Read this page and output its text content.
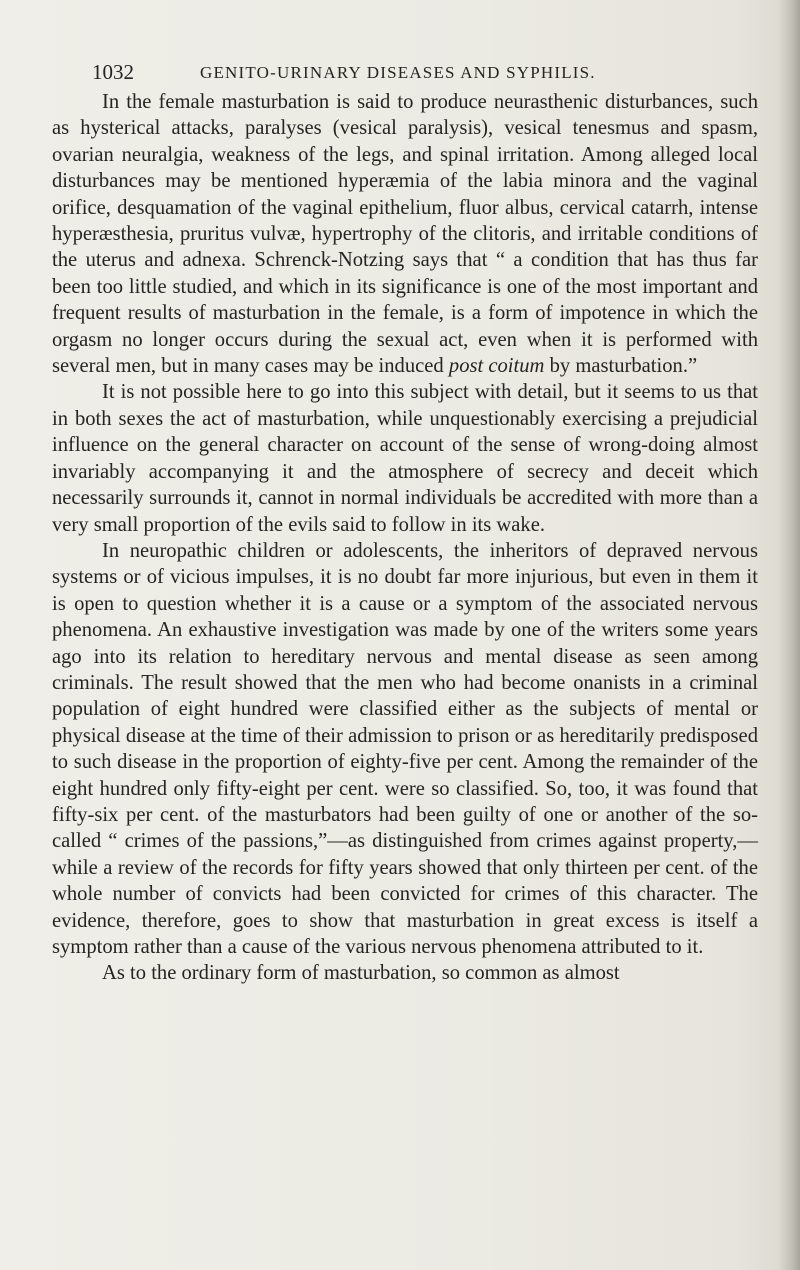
1032	GENITO-URINARY DISEASES AND SYPHILIS.

In the female masturbation is said to produce neurasthenic disturbances, such as hysterical attacks, paralyses (vesical paralysis), vesical tenesmus and spasm, ovarian neuralgia, weakness of the legs, and spinal irritation. Among alleged local disturbances may be mentioned hyperæmia of the labia minora and the vaginal orifice, desquamation of the vaginal epithelium, fluor albus, cervical catarrh, intense hyperæsthesia, pruritus vulvæ, hypertrophy of the clitoris, and irritable conditions of the uterus and adnexa. Schrenck-Notzing says that “ a condition that has thus far been too little studied, and which in its significance is one of the most important and frequent results of masturbation in the female, is a form of impotence in which the orgasm no longer occurs during the sexual act, even when it is performed with several men, but in many cases may be induced post coitum by masturbation.”

It is not possible here to go into this subject with detail, but it seems to us that in both sexes the act of masturbation, while unquestionably exercising a prejudicial influence on the general character on account of the sense of wrong-doing almost invariably accompanying it and the atmosphere of secrecy and deceit which necessarily surrounds it, cannot in normal individuals be accredited with more than a very small proportion of the evils said to follow in its wake.

In neuropathic children or adolescents, the inheritors of depraved nervous systems or of vicious impulses, it is no doubt far more injurious, but even in them it is open to question whether it is a cause or a symptom of the associated nervous phenomena. An exhaustive investigation was made by one of the writers some years ago into its relation to hereditary nervous and mental disease as seen among criminals. The result showed that the men who had become onanists in a criminal population of eight hundred were classified either as the subjects of mental or physical disease at the time of their admission to prison or as hereditarily predisposed to such disease in the proportion of eighty-five per cent. Among the remainder of the eight hundred only fifty-eight per cent. were so classified. So, too, it was found that fifty-six per cent. of the masturbators had been guilty of one or another of the so-called “ crimes of the passions,”—as distinguished from crimes against property,—while a review of the records for fifty years showed that only thirteen per cent. of the whole number of convicts had been convicted for crimes of this character. The evidence, therefore, goes to show that masturbation in great excess is itself a symptom rather than a cause of the various nervous phenomena attributed to it.

As to the ordinary form of masturbation, so common as almost
